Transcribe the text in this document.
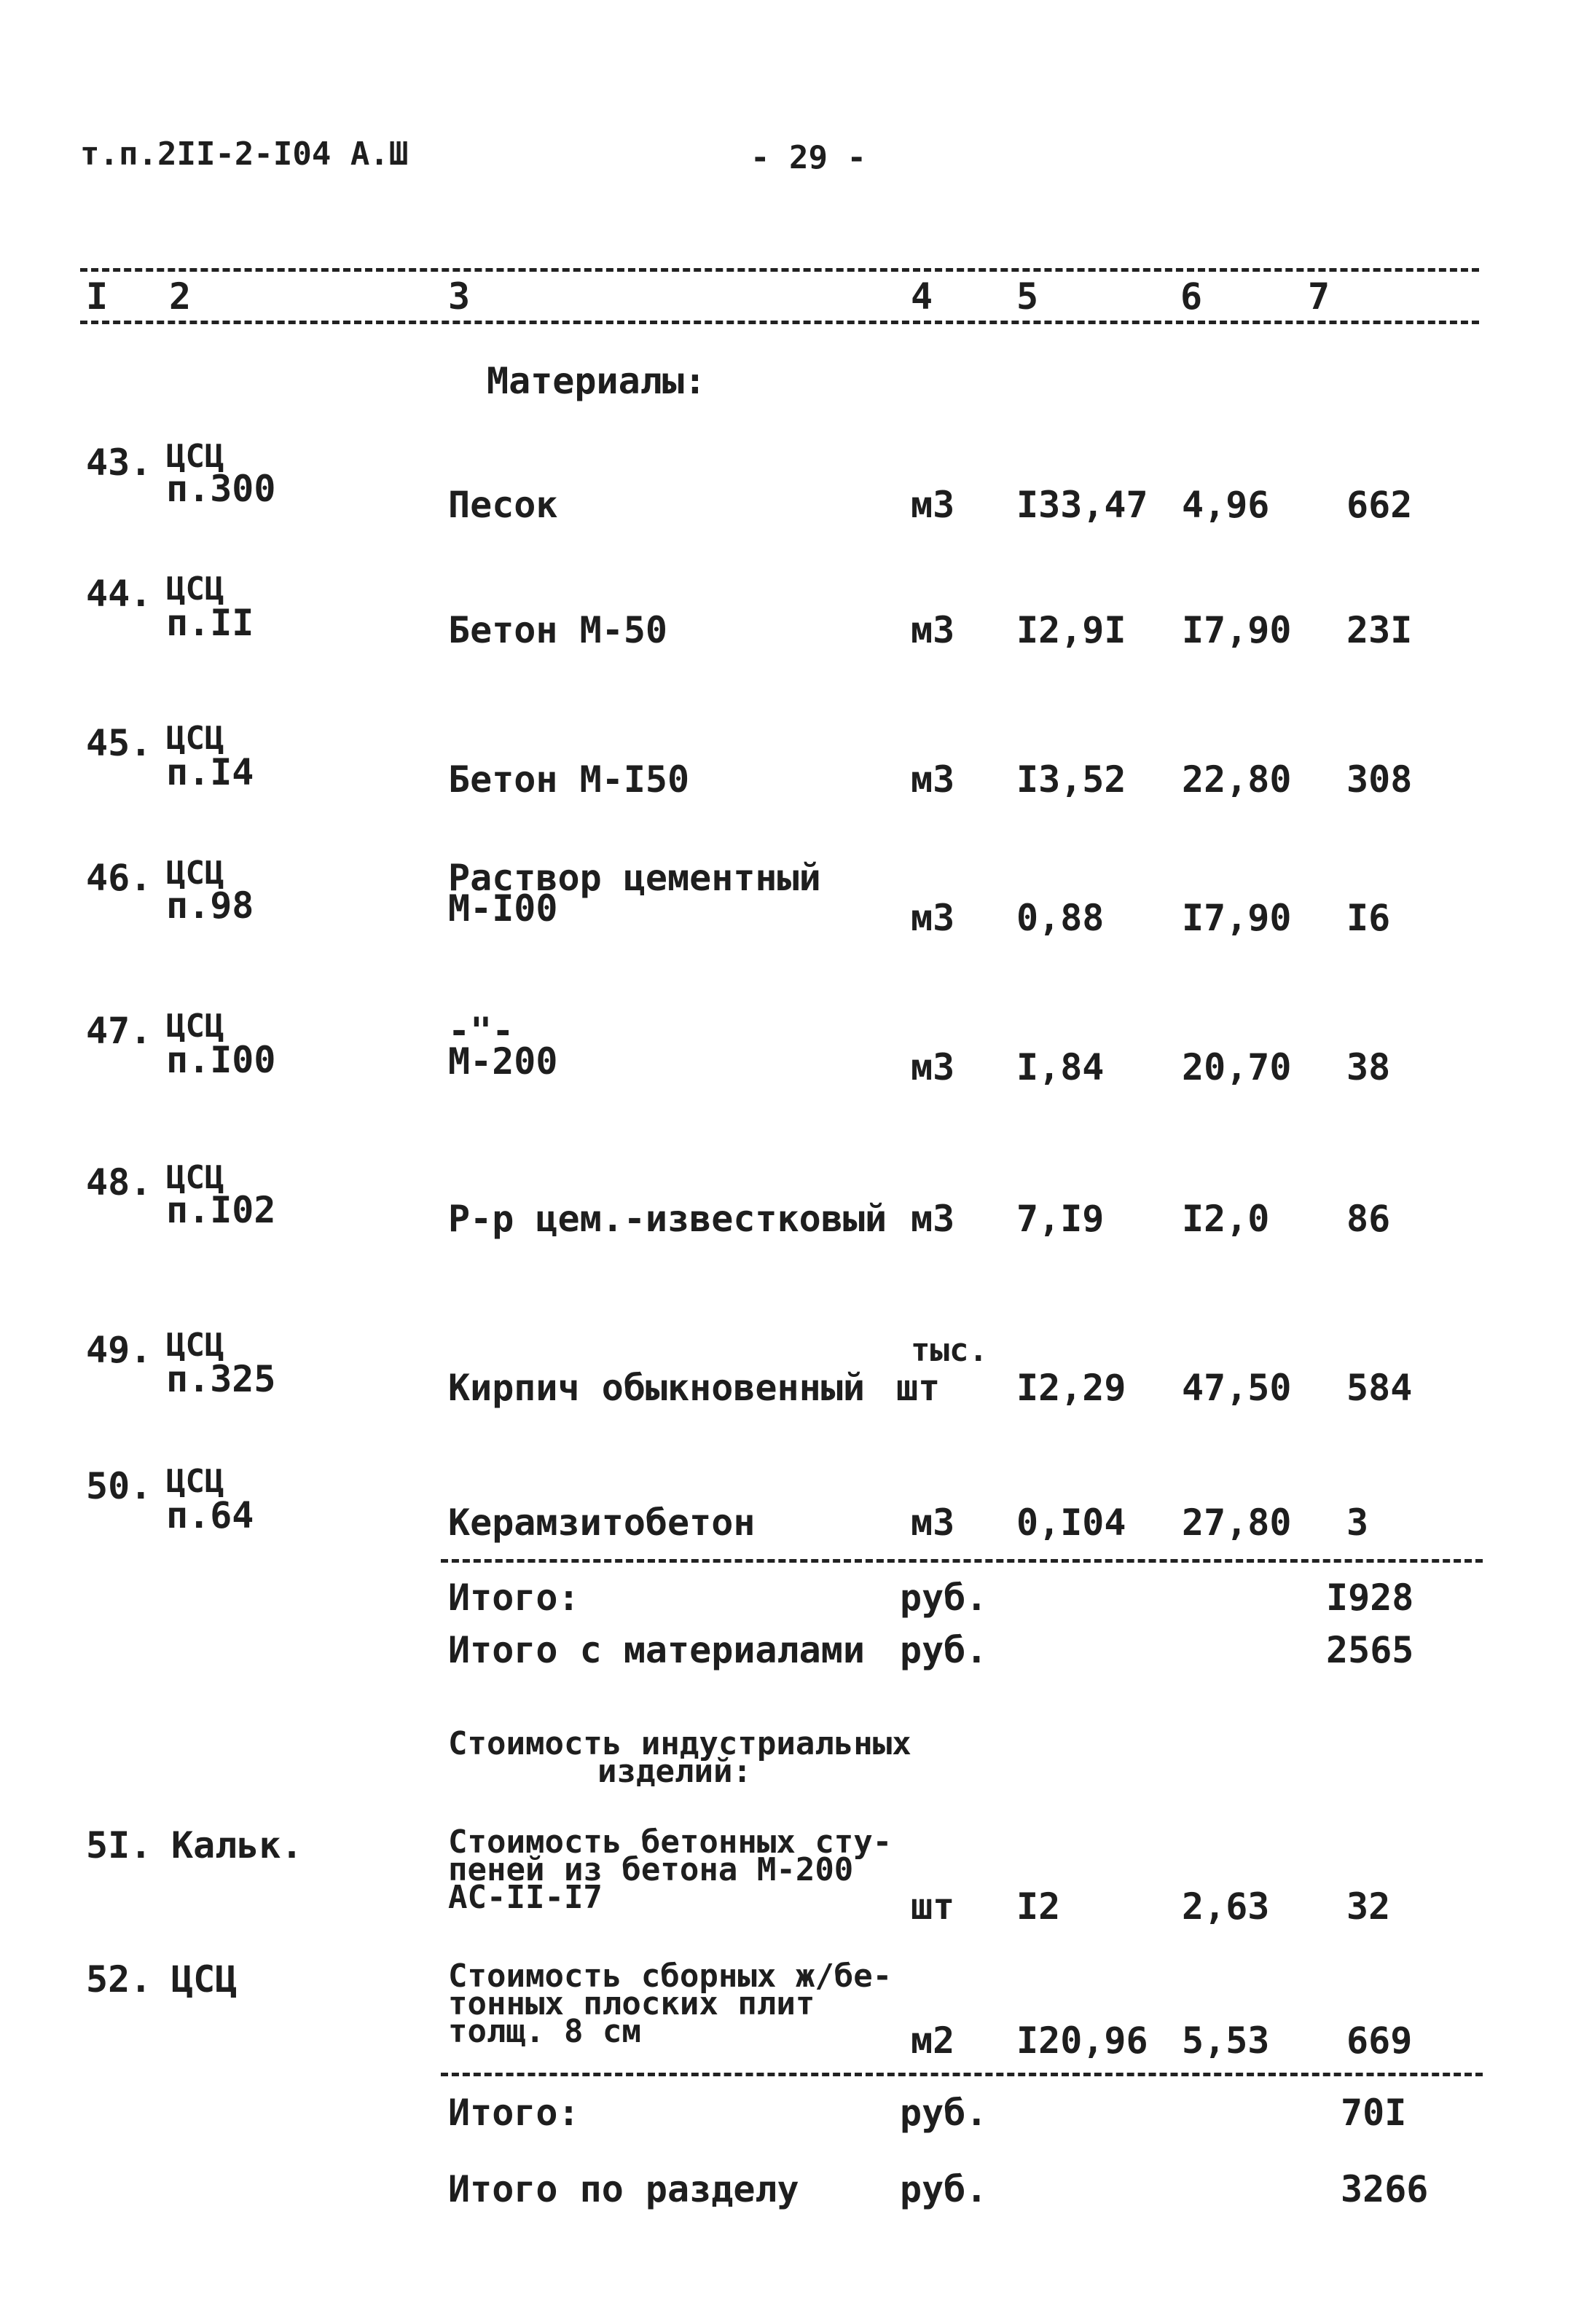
т.п.2II-2-I04 А.Ш	- 29 -
I 2	3	4 5	6	7
Материалы:
43. ЦСЦ
п.300	Песок	м3 I33,47 4,96 662
44. ЦСЦ
п.II	Бетон М-50	м3 I2,9I I7,90 23I
45. ЦСЦ
п.I4	Бетон М-I50	м3 I3,52 22,80 308
46. ЦСЦ
п.98
Раствор цементный
М-I00	м3 0,88 I7,90 I6
47. ЦСЦ
п.I00
-"-
М-200	м3 I,84 20,70 38
48. ЦСЦ
п.I02	Р-р цем.-известковый м3 7,I9 I2,0 86
49. ЦСЦ
п.325	Кирпич обыкновенный
тыс.
шт I2,29 47,50 584
50. ЦСЦ
п.64	Керамзитобетон	м3 0,I04 27,80 3
Итого:	руб.	I928
Итого с материалами руб.	2565
Стоимость индустриальных
изделий:
5I. Кальк.	Стоимость бетонных сту-
пеней из бетона М-200
АС-II-I7	шт I2	2,63 32
52. ЦСЦ	Стоимость сборных ж/бе-
тонных плоских плит
толщ. 8 см	м2 I20,96 5,53 669
Итого:	руб.	70I
Итого по разделу	руб.	3266
